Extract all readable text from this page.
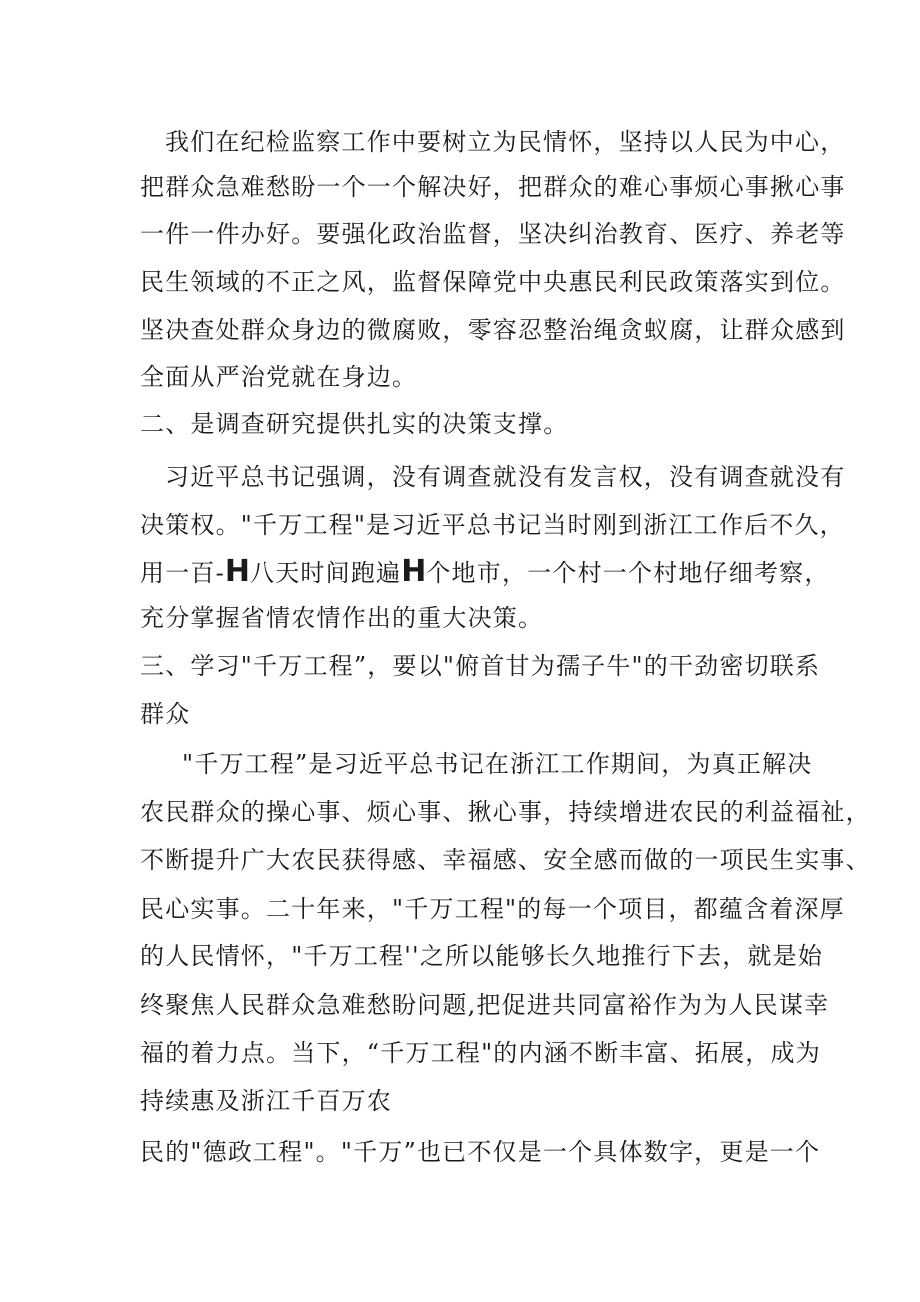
我们在纪检监察工作中要树立为民情怀，坚持以人民为中心，
把群众急难愁盼一个一个解决好，把群众的难心事烦心事揪心事
一件一件办好。要强化政治监督，坚决纠治教育、医疗、养老等
民生领域的不正之风，监督保障党中央惠民利民政策落实到位。
坚决查处群众身边的微腐败，零容忍整治绳贪蚁腐，让群众感到
全面从严治党就在身边。
二、是调查研究提供扎实的决策支撑。
习近平总书记强调，没有调查就没有发言权，没有调查就没有
决策权。"千万工程"是习近平总书记当时刚到浙江工作后不久，
用一百-H八天时间跑遍H个地市，一个村一个村地仔细考察，
充分掌握省情农情作出的重大决策。
三、学习"千万工程”，要以"俯首甘为孺子牛"的干劲密切联系
群众
"千万工程”是习近平总书记在浙江工作期间，为真正解决
农民群众的操心事、烦心事、揪心事，持续增进农民的利益福祉，
不断提升广大农民获得感、幸福感、安全感而做的一项民生实事、
民心实事。二十年来，"千万工程"的每一个项目，都蕴含着深厚
的人民情怀，"千万工程''之所以能够长久地推行下去，就是始
终聚焦人民群众急难愁盼问题,把促进共同富裕作为为人民谋幸
福的着力点。当下，“千万工程"的内涵不断丰富、拓展，成为
持续惠及浙江千百万农
民的"德政工程"。"千万”也已不仅是一个具体数字，更是一个
